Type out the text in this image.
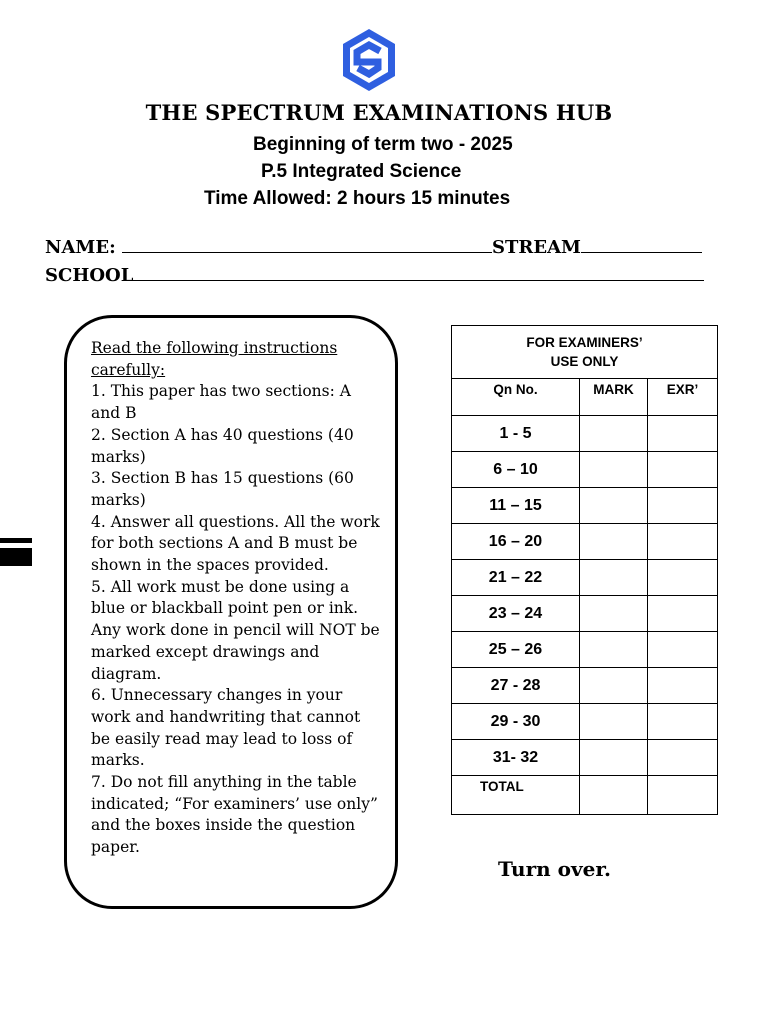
THE SPECTRUM EXAMINATIONS HUB
Beginning of term two - 2025
P.5 Integrated Science
Time Allowed: 2 hours 15 minutes
NAME:	STREAM
SCHOOL

Read the following instructions carefully:

1. This paper has two sections: A and B

2. Section A has 40 questions (40 marks)

3. Section B has 15 questions (60 marks)

4. Answer all questions. All the work for both sections A and B must be shown in the spaces provided.

5. All work must be done using a blue or blackball point pen or ink. Any work done in pencil will NOT be marked except drawings and diagram.

6. Unnecessary changes in your work and handwriting that cannot be easily read may lead to loss of marks.

7. Do not fill anything in the table indicated; “For examiners’ use only” and the boxes inside the question paper.

FOR EXAMINERS’
USE ONLY		
Qn No.	MARK	EXR’
1 - 5		
6 – 10		
11 – 15		
16 – 20		
21 – 22		
23 – 24		
25 – 26		
27 - 28		
29 - 30		
31- 32		
TOTAL		
Turn over.
